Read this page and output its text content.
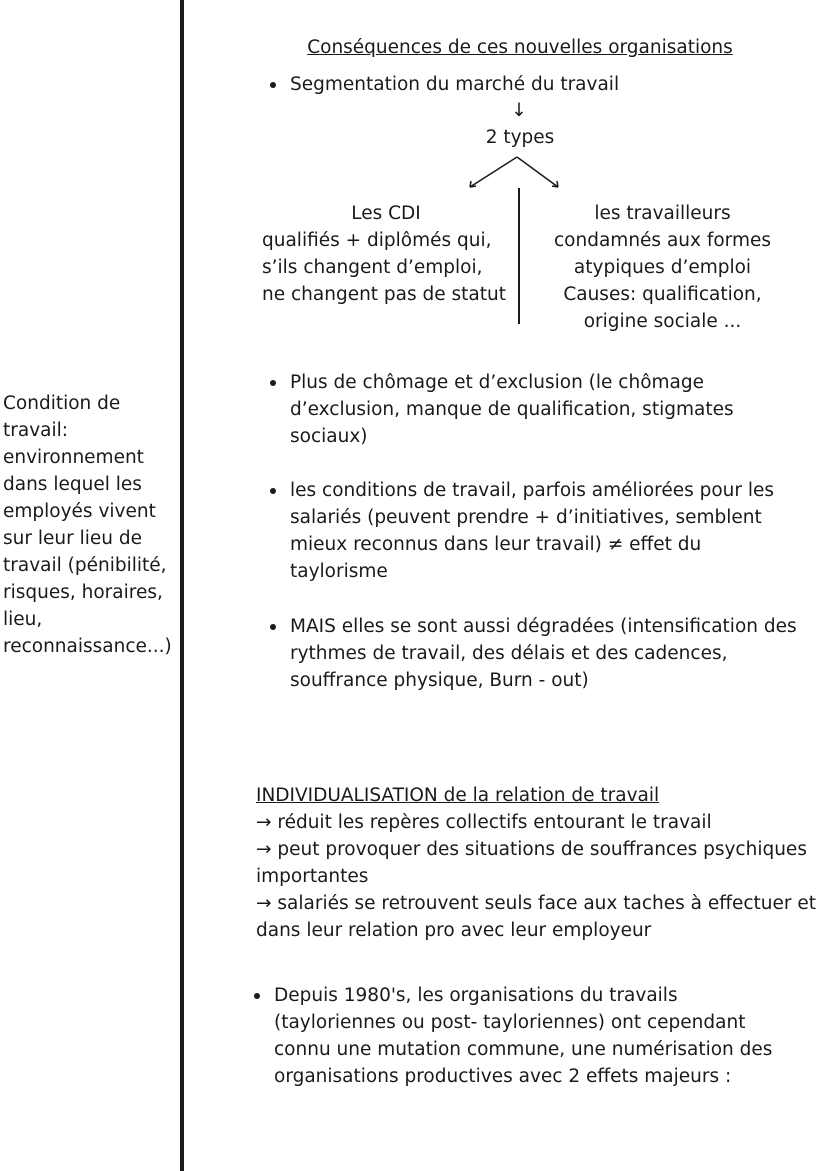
Condition de travail: environnement dans lequel les employés vivent sur leur lieu de travail (pénibilité, risques, horaires, lieu, reconnaissance...)
Conséquences de ces nouvelles organisations
Segmentation du marché du travail
↓
2 types
Les CDI
qualifiés + diplômés qui, s’ils changent d’emploi, ne changent pas de statut
les travailleurs
condamnés aux formes
atypiques d’emploi
Causes: qualification,
origine sociale ...
Plus de chômage et d’exclusion (le chômage d’exclusion, manque de qualification, stigmates sociaux)
les conditions de travail, parfois améliorées pour les salariés (peuvent prendre + d’initiatives, semblent mieux reconnus dans leur travail) ≠ effet du taylorisme
MAIS elles se sont aussi dégradées (intensification des rythmes de travail, des délais et des cadences, souffrance physique, Burn - out)
INDIVIDUALISATION de la relation de travail
→ réduit les repères collectifs entourant le travail
→ peut provoquer des situations de souffrances psychiques importantes
→ salariés se retrouvent seuls face aux taches à effectuer et dans leur relation pro avec leur employeur
Depuis 1980's, les organisations du travails (tayloriennes ou post- tayloriennes) ont cependant connu une mutation commune, une numérisation des organisations productives avec 2 effets majeurs :
